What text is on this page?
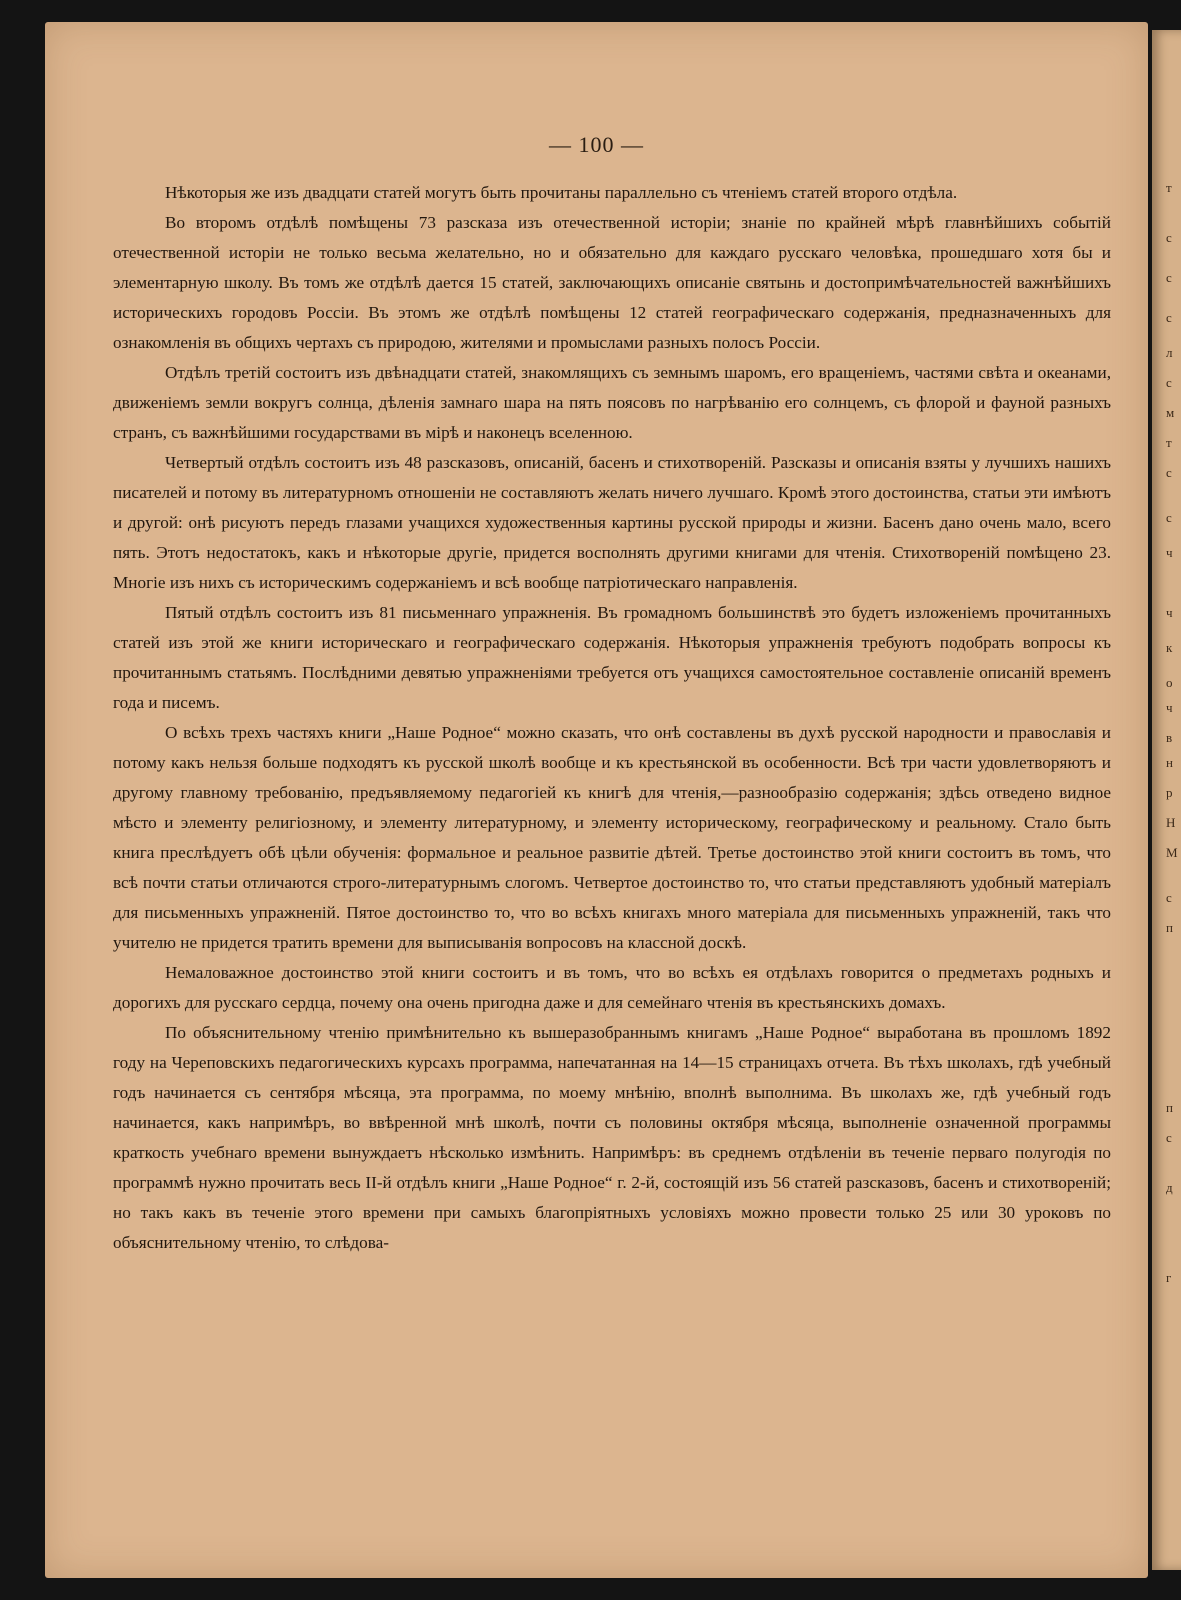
т
с
с
с
л
с
м
т
с
с
ч
ч
к
о
ч
в
н
р
Н
М
с
п
п
с
д
г
— 100 —

Нѣкоторыя же изъ двадцати статей могутъ быть прочитаны параллельно съ чтеніемъ статей второго отдѣла.

Во второмъ отдѣлѣ помѣщены 73 разсказа изъ отечественной исторіи; знаніе по крайней мѣрѣ главнѣйшихъ событій отечественной исторіи не только весьма желательно, но и обязательно для каждаго русскаго человѣка, прошедшаго хотя бы и элементарную школу. Въ томъ же отдѣлѣ дается 15 статей, заключающихъ описаніе святынь и достопримѣчательностей важнѣйшихъ историческихъ городовъ Россіи. Въ этомъ же отдѣлѣ помѣщены 12 статей географическаго содержанія, предназначенныхъ для ознакомленія въ общихъ чертахъ съ природою, жителями и промыслами разныхъ полосъ Россіи.

Отдѣлъ третій состоитъ изъ двѣнадцати статей, знакомлящихъ съ земнымъ шаромъ, его вращеніемъ, частями свѣта и океанами, движеніемъ земли вокругъ солнца, дѣленія замнаго шара на пять поясовъ по нагрѣванію его солнцемъ, съ флорой и фауной разныхъ странъ, съ важнѣйшими государствами въ мірѣ и наконецъ вселенною.

Четвертый отдѣлъ состоитъ изъ 48 разсказовъ, описаній, басенъ и стихотвореній. Разсказы и описанія взяты у лучшихъ нашихъ писателей и потому въ литературномъ отношеніи не составляютъ желать ничего лучшаго. Кромѣ этого достоинства, статьи эти имѣютъ и другой: онѣ рисуютъ передъ глазами учащихся художественныя картины русской природы и жизни. Басенъ дано очень мало, всего пять. Этотъ недостатокъ, какъ и нѣкоторые другіе, придется восполнять другими книгами для чтенія. Стихотвореній помѣщено 23. Многіе изъ нихъ съ историческимъ содержаніемъ и всѣ вообще патріотическаго направленія.

Пятый отдѣлъ состоитъ изъ 81 письменнаго упражненія. Въ громадномъ большинствѣ это будетъ изложеніемъ прочитанныхъ статей изъ этой же книги историческаго и географическаго содержанія. Нѣкоторыя упражненія требуютъ подобрать вопросы къ прочитаннымъ статьямъ. Послѣдними девятью упражненіями требуется отъ учащихся самостоятельное составленіе описаній временъ года и писемъ.

О всѣхъ трехъ частяхъ книги „Наше Родное“ можно сказать, что онѣ составлены въ духѣ русской народности и православія и потому какъ нельзя больше подходятъ къ русской школѣ вообще и къ крестьянской въ особенности. Всѣ три части удовлетворяютъ и другому главному требованію, предъявляемому педагогіей къ книгѣ для чтенія,—разнообразію содержанія; здѣсь отведено видное мѣсто и элементу религіозному, и элементу литературному, и элементу историческому, географическому и реальному. Стало быть книга преслѣдуетъ обѣ цѣли обученія: формальное и реальное развитіе дѣтей. Третье достоинство этой книги состоитъ въ томъ, что всѣ почти статьи отличаются строго-литературнымъ слогомъ. Четвертое достоинство то, что статьи представляютъ удобный матеріалъ для письменныхъ упражненій. Пятое достоинство то, что во всѣхъ книгахъ много матеріала для письменныхъ упражненій, такъ что учителю не придется тратить времени для выписыванія вопросовъ на классной доскѣ.

Немаловажное достоинство этой книги состоитъ и въ томъ, что во всѣхъ ея отдѣлахъ говорится о предметахъ родныхъ и дорогихъ для русскаго сердца, почему она очень пригодна даже и для семейнаго чтенія въ крестьянскихъ домахъ.

По объяснительному чтенію примѣнительно къ вышеразобраннымъ книгамъ „Наше Родное“ выработана въ прошломъ 1892 году на Череповскихъ педагогическихъ курсахъ программа, напечатанная на 14—15 страницахъ отчета. Въ тѣхъ школахъ, гдѣ учебный годъ начинается съ сентября мѣсяца, эта программа, по моему мнѣнію, вполнѣ выполнима. Въ школахъ же, гдѣ учебный годъ начинается, какъ напримѣръ, во ввѣренной мнѣ школѣ, почти съ половины октября мѣсяца, выполненіе означенной программы краткость учебнаго времени вынуждаетъ нѣсколько измѣнить. Напримѣръ: въ среднемъ отдѣленіи въ теченіе перваго полугодія по программѣ нужно прочитать весь II-й отдѣлъ книги „Наше Родное“ г. 2-й, состоящій изъ 56 статей разсказовъ, басенъ и стихотвореній; но такъ какъ въ теченіе этого времени при самыхъ благопріятныхъ условіяхъ можно провести только 25 или 30 уроковъ по объяснительному чтенію, то слѣдова-
